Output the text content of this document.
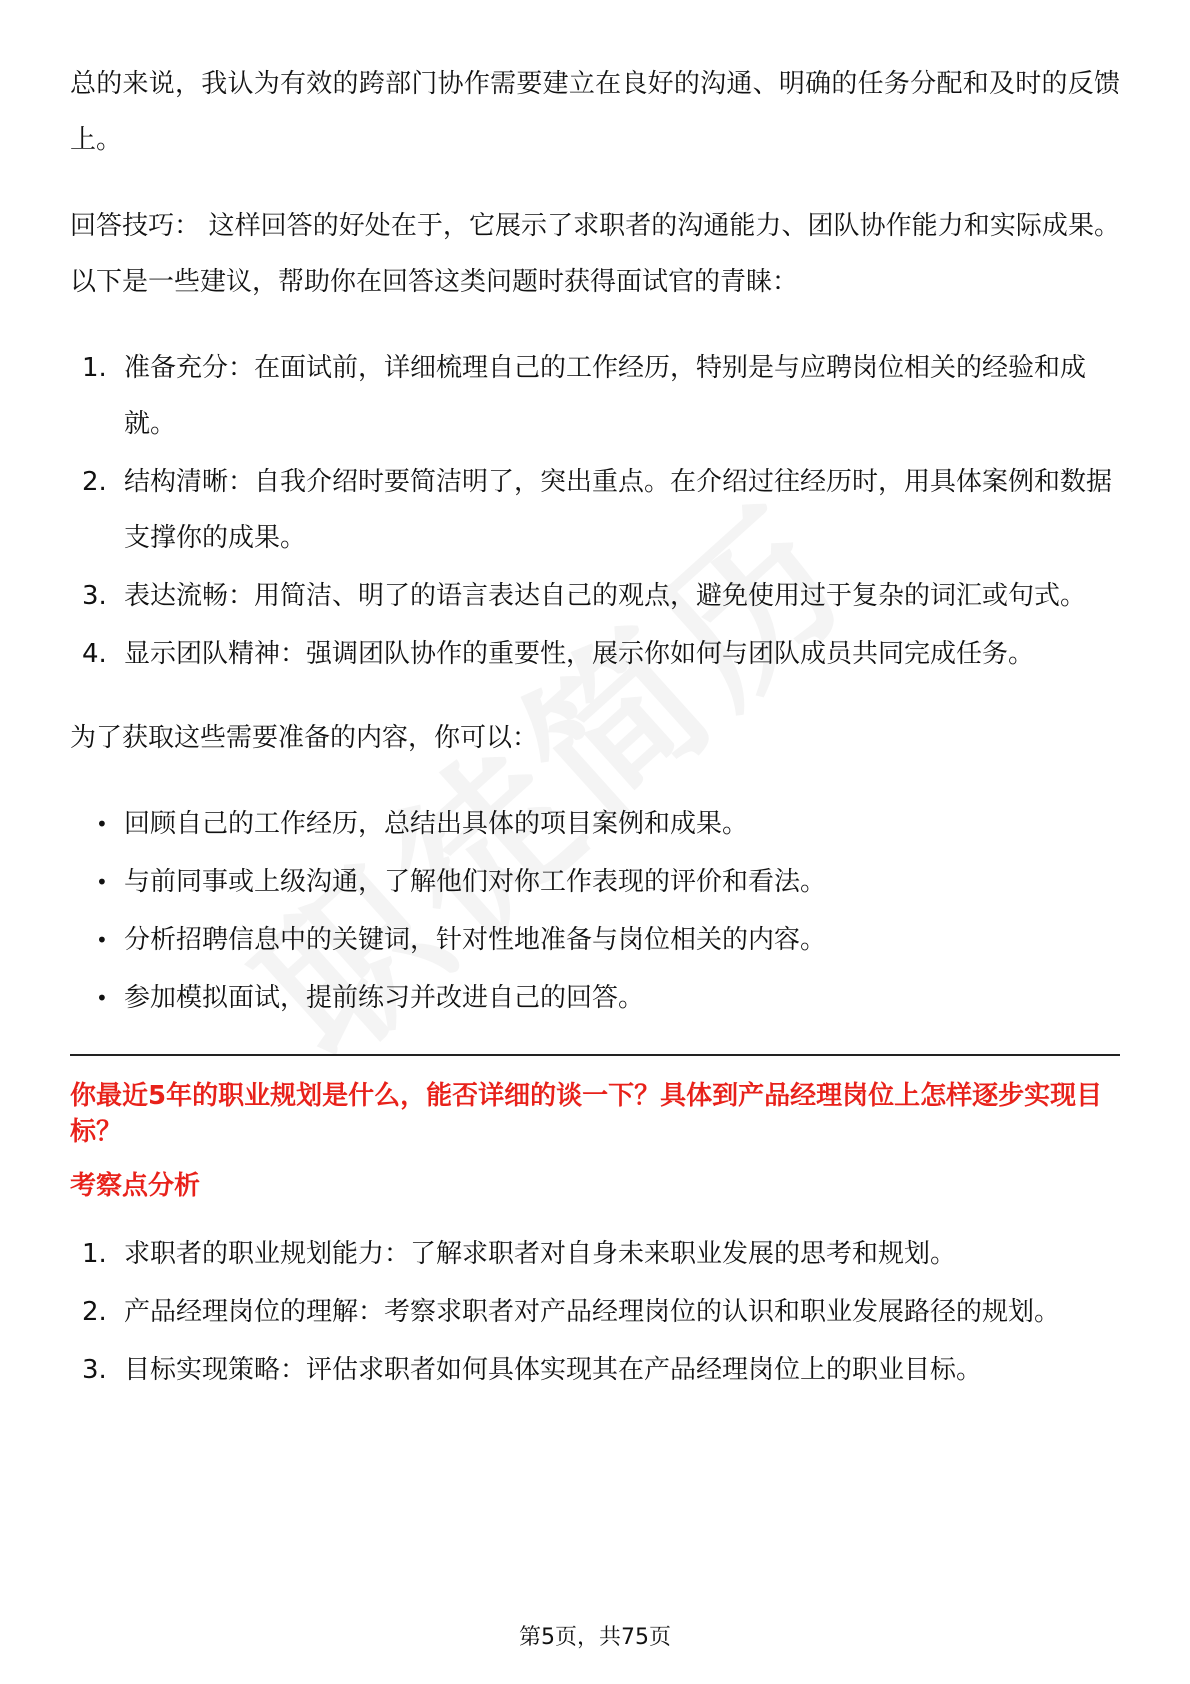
总的来说，我认为有效的跨部门协作需要建立在良好的沟通、明确的任务分配和及时的反馈上。

回答技巧： 这样回答的好处在于，它展示了求职者的沟通能力、团队协作能力和实际成果。以下是一些建议，帮助你在回答这类问题时获得面试官的青睐：

1. 准备充分：在面试前，详细梳理自己的工作经历，特别是与应聘岗位相关的经验和成就。
2. 结构清晰：自我介绍时要简洁明了，突出重点。在介绍过往经历时，用具体案例和数据支撑你的成果。
3. 表达流畅：用简洁、明了的语言表达自己的观点，避免使用过于复杂的词汇或句式。
4. 显示团队精神：强调团队协作的重要性，展示你如何与团队成员共同完成任务。

为了获取这些需要准备的内容，你可以：

• 回顾自己的工作经历，总结出具体的项目案例和成果。
• 与前同事或上级沟通，了解他们对你工作表现的评价和看法。
• 分析招聘信息中的关键词，针对性地准备与岗位相关的内容。
• 参加模拟面试，提前练习并改进自己的回答。
你最近5年的职业规划是什么，能否详细的谈一下？具体到产品经理岗位上怎样逐步实现目标？
考察点分析
1. 求职者的职业规划能力：了解求职者对自身未来职业发展的思考和规划。
2. 产品经理岗位的理解：考察求职者对产品经理岗位的认识和职业发展路径的规划。
3. 目标实现策略：评估求职者如何具体实现其在产品经理岗位上的职业目标。
第5页，共75页
